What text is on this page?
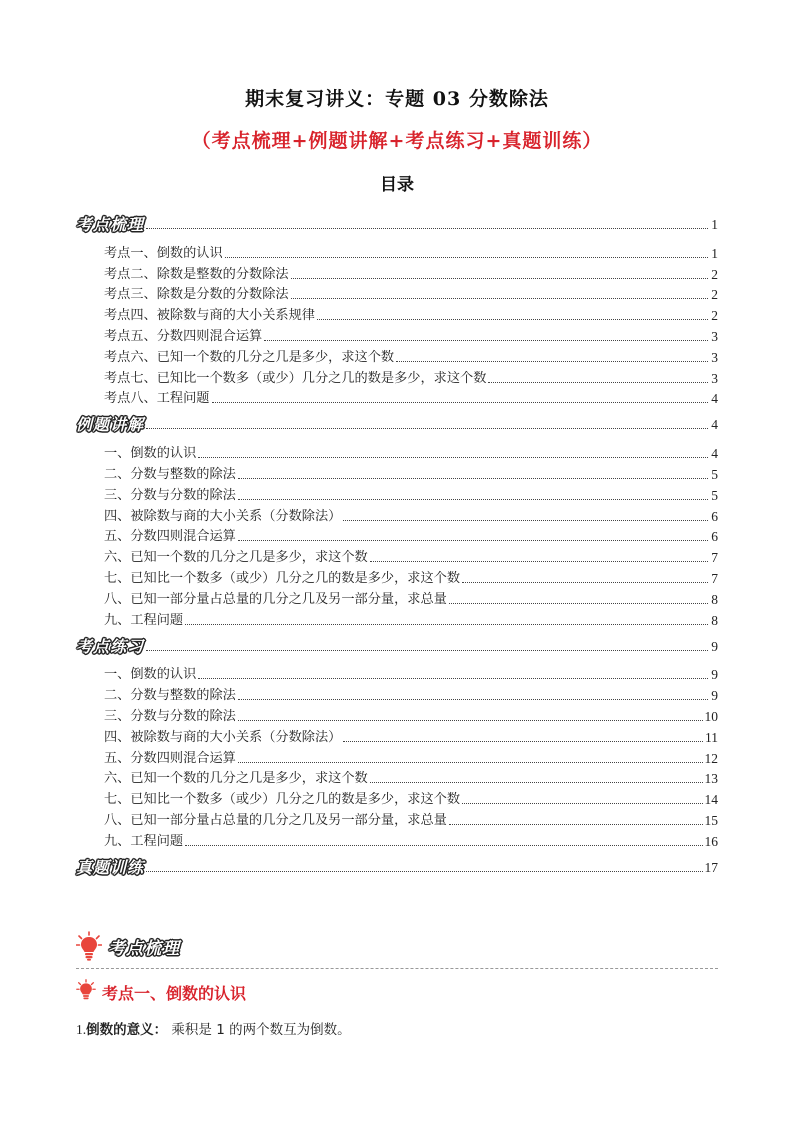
期末复习讲义：专题 03 分数除法
（考点梳理+例题讲解+考点练习+真题训练）
目录
考点梳理	1
考点一、倒数的认识	1
考点二、除数是整数的分数除法	2
考点三、除数是分数的分数除法	2
考点四、被除数与商的大小关系规律	2
考点五、分数四则混合运算	3
考点六、已知一个数的几分之几是多少，求这个数	3
考点七、已知比一个数多（或少）几分之几的数是多少，求这个数	3
考点八、工程问题	4
例题讲解	4
一、倒数的认识	4
二、分数与整数的除法	5
三、分数与分数的除法	5
四、被除数与商的大小关系（分数除法）	6
五、分数四则混合运算	6
六、已知一个数的几分之几是多少，求这个数	7
七、已知比一个数多（或少）几分之几的数是多少，求这个数	7
八、已知一部分量占总量的几分之几及另一部分量，求总量	8
九、工程问题	8
考点练习	9
一、倒数的认识	9
二、分数与整数的除法	9
三、分数与分数的除法	10
四、被除数与商的大小关系（分数除法）	11
五、分数四则混合运算	12
六、已知一个数的几分之几是多少，求这个数	13
七、已知比一个数多（或少）几分之几的数是多少，求这个数	14
八、已知一部分量占总量的几分之几及另一部分量，求总量	15
九、工程问题	16
真题训练	17
考点梳理
考点一、倒数的认识
1.倒数的意义： 乘积是 1 的两个数互为倒数。
